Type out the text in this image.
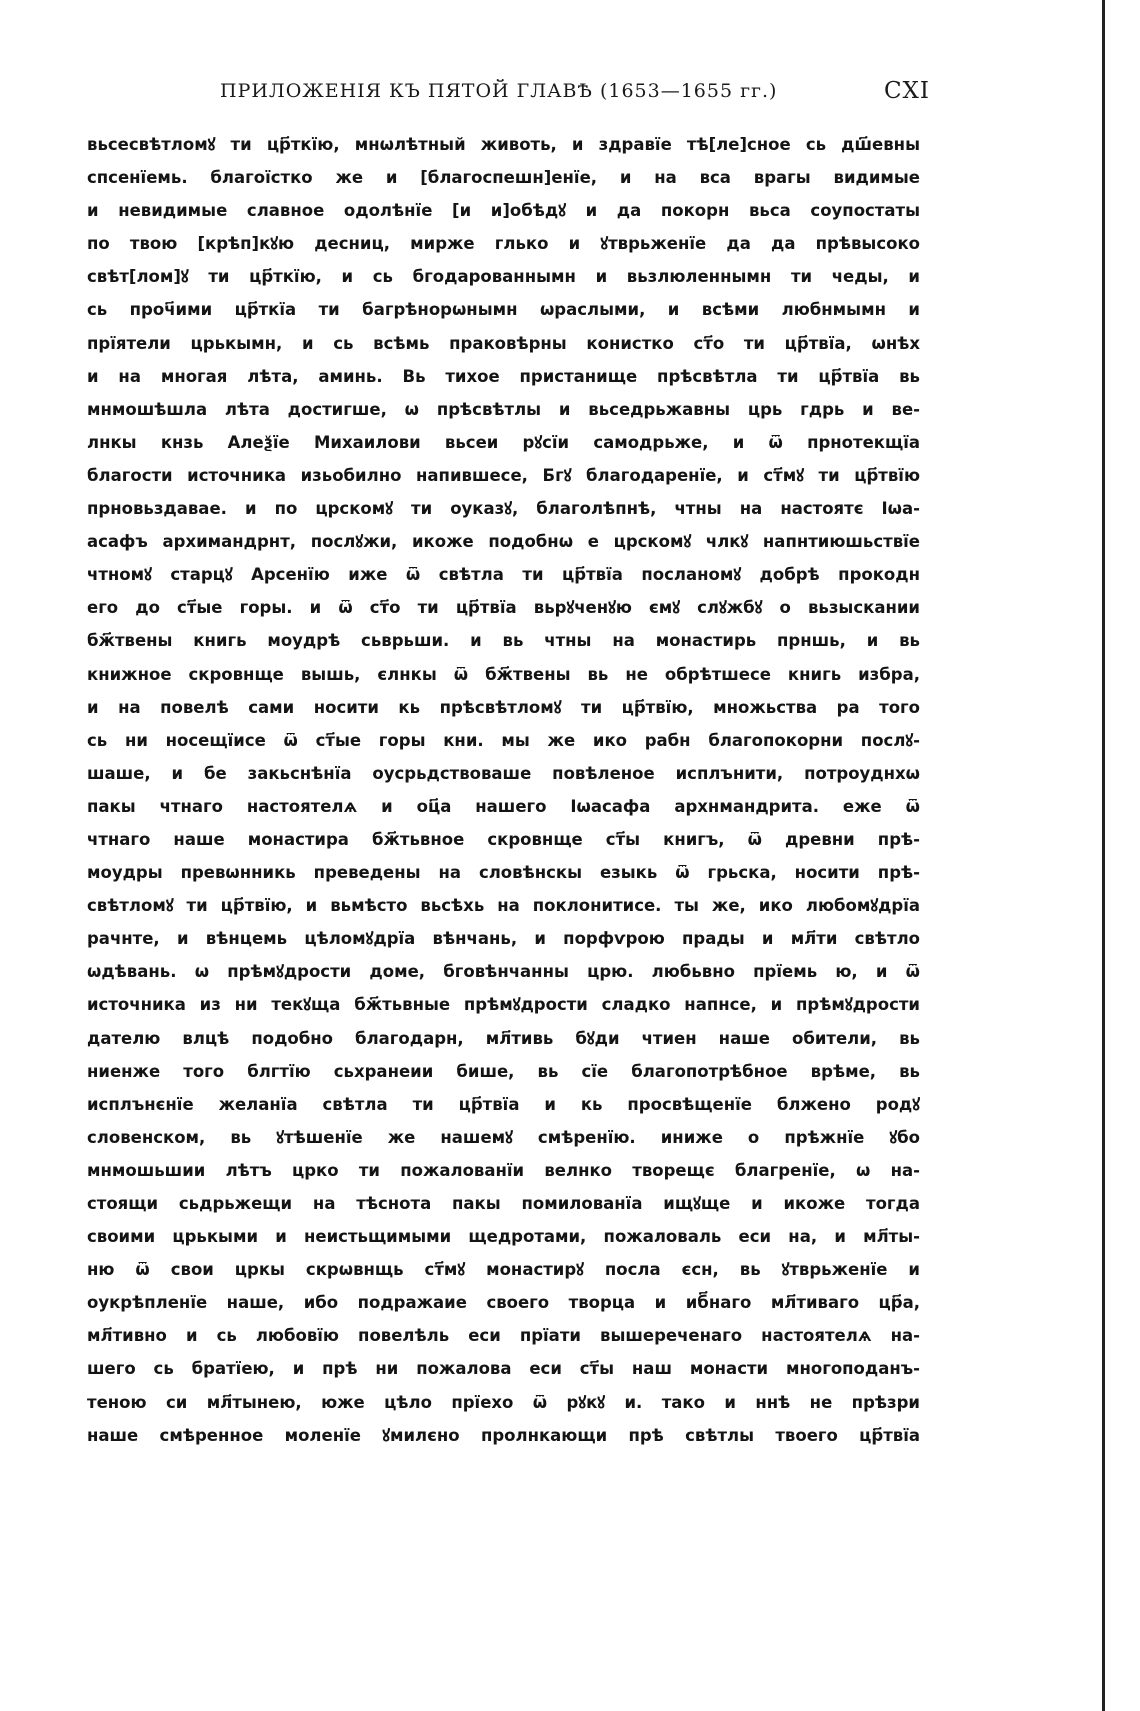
ПРИЛОЖЕНІЯ КЪ ПЯТОЙ ГЛАВѢ (1653—1655 гг.)	CXI
вьсесвѣтломꙋ ти цр҃ткїю, мнѡлѣтный животь, и здравїе тѣ[ле]сное сь дш҃евны
спсенїемь. благоїстко же и [благоспешн]енїе, и на вса врагы видимые
и невидимые славное одолѣнїе [и и]обѣдꙋ и да покорн вьса соупостаты
по твою [крѣп]кꙋю десниц, мирже глько и ꙋтврьженїе да да прѣвысоко
свѣт[лом]ꙋ ти цр҃ткїю, и сь бгодарованнымн и вьзлюленнымн ти чеды, и
сь проч҃ими цр҃ткїа ти багрѣнорѡнымн ѡраслыми, и всѣми любнмымн и
прїятели црькымн, и сь всѣмь праковѣрны конистко ст҃о ти цр҃твїа, ѡнѣх
и на многая лѣта, аминь. Вь тихое пристанище прѣсвѣтла ти цр҃твїа вь
мнмошѣшла лѣта достигше, ѡ прѣсвѣтлы и вьседрьжавны црь гдрь и ве-
лнкы кнзь Алеѯїе Михаилови вьсеи рꙋсїи самодрьже, и ѿ прнотекщїа
благости источника изьобилно напившесе, Бгꙋ благодаренїе, и ст҃мꙋ ти цр҃твїю
прновьздавае. и по црскомꙋ ти оуказꙋ, благолѣпнѣ, чтны на настоятє Іѡа-
асафъ архимандрнт, послꙋжи, икоже подобнѡ е црскомꙋ члкꙋ напнтиюшьствїе
чтномꙋ старцꙋ Арсенїю иже ѿ свѣтла ти цр҃твїа посланомꙋ добрѣ прокодн
его до ст҃ые горы. и ѿ ст҃о ти цр҃твїа вьрꙋченꙋю ємꙋ слꙋжбꙋ о вьзыскании
бж҃твены книгь моудрѣ сьврьши. и вь чтны на монастирь прншь, и вь
книжное скровнще вышь, єлнкы ѿ бж҃твены вь не обрѣтшесе книгь избра,
и на повелѣ сами носити кь прѣсвѣтломꙋ ти цр҃твїю, множьства ра того
сь ни носещїисе ѿ ст҃ые горы кни. мы же ико рабн благопокорни послꙋ-
шаше, и бе закьснѣнїа оусрьдствоваше повѣленое исплънити, потроуднхѡ
пакы чтнаго настоятелѧ и оц҃а нашего Іѡасафа архнмандрита. еже ѿ
чтнаго наше монастира бж҃тьвное скровнще ст҃ы книгъ, ѿ древни прѣ-
моудры превѡнникь преведены на словѣнскы езыкь ѿ грьска, носити прѣ-
свѣтломꙋ ти цр҃твїю, и вьмѣсто вьсѣхь на поклонитисе. ты же, ико любомꙋдрїа
рачнте, и вѣнцемь цѣломꙋдрїа вѣнчань, и порфѵрою прады и мл҃ти свѣтло
ѡдѣвань. ѡ прѣмꙋдрости доме, бговѣнчанны црю. любьвно прїемь ю, и ѿ
источника из ни текꙋща бж҃тьвные прѣмꙋдрости сладко напнсе, и прѣмꙋдрости
дателю влцѣ подобно благодарн, мл҃тивь бꙋди чтиен наше обители, вь
ниенже того блгтїю сьхранеии бише, вь сїе благопотрѣбное врѣме, вь
исплънєнїе желанїа свѣтла ти цр҃твїа и кь просвѣщенїе блжено родꙋ
словенском, вь ꙋтѣшенїе же нашемꙋ смѣренїю. иниже о прѣжнїе ꙋбо
мнмошьшии лѣтъ црко ти пожалованїи велнко творещє благренїе, ѡ на-
стоящи сьдрьжещи на тѣснота пакы помилованїа ищꙋще и икоже тогда
своими црькыми и неистьщимыми щедротами, пожаловаль еси на, и мл҃ты-
ню ѿ свои цркы скрѡвнщь ст҃мꙋ монастирꙋ посла єсн, вь ꙋтврьженїе и
оукрѣпленїе наше, ибо подражаие своего творца и иб҃наго мл҃тиваго цр҃а,
мл҃тивно и сь любовїю повелѣль еси прїати вышереченаго настоятелѧ на-
шего сь братїею, и прѣ ни пожалова еси ст҃ы наш монасти многоподанъ-
теною си мл҃тынею, юже цѣло прїехо ѿ рꙋкꙋ и. тако и ннѣ не прѣзри
наше смѣренное моленїе ꙋмилєно пролнкающи прѣ свѣтлы твоего цр҃твїа
